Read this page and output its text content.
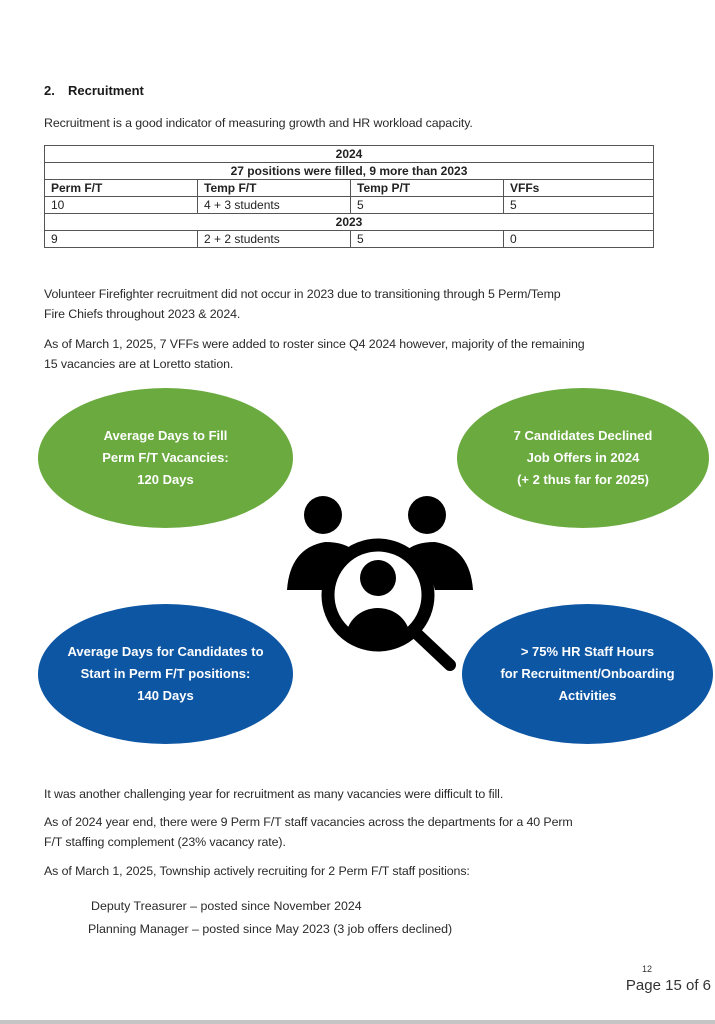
2. Recruitment
Recruitment is a good indicator of measuring growth and HR workload capacity.
2024			
27 positions were filled, 9 more than 2023			
Perm F/T	Temp F/T	Temp P/T	VFFs
10	4 + 3 students	5	5
2023			
9	2 + 2 students	5	0
Volunteer Firefighter recruitment did not occur in 2023 due to transitioning through 5 Perm/Temp
Fire Chiefs throughout 2023 & 2024.
As of March 1, 2025, 7 VFFs were added to roster since Q4 2024 however, majority of the remaining
15 vacancies are at Loretto station.
Average Days to Fill
Perm F/T Vacancies:
120 Days
7 Candidates Declined
Job Offers in 2024
(+ 2 thus far for 2025)
Average Days for Candidates to
Start in Perm F/T positions:
140 Days
> 75% HR Staff Hours
for Recruitment/Onboarding
Activities
It was another challenging year for recruitment as many vacancies were difficult to fill.
As of 2024 year end, there were 9 Perm F/T staff vacancies across the departments for a 40 Perm
F/T staffing complement (23% vacancy rate).
As of March 1, 2025, Township actively recruiting for 2 Perm F/T staff positions:
Deputy Treasurer – posted since November 2024
Planning Manager – posted since May 2023 (3 job offers declined)
12
Page 15 of 6
